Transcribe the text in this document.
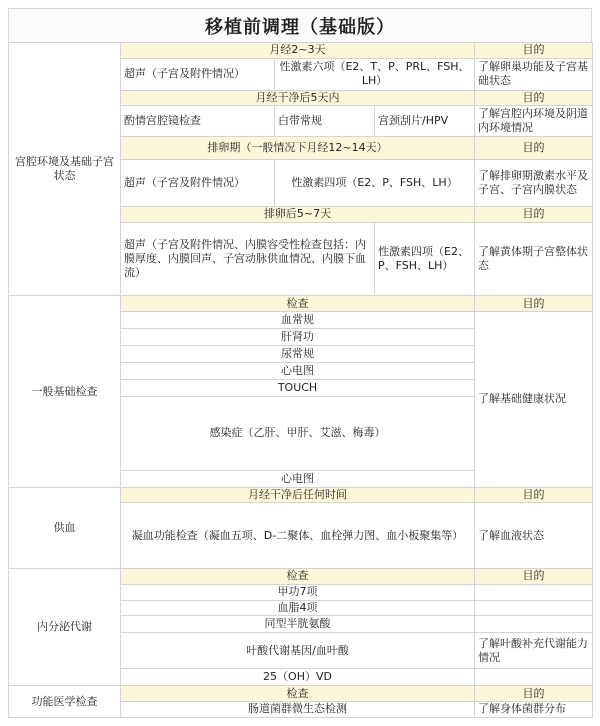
移植前调理（基础版）
宫腔环境及基础子宫状态	月经2~3天			目的
	超声（子宫及附件情况）	性激素六项（E2、T、P、PRL、FSH、LH）		了解卵巢功能及子宫基础状态
	月经干净后5天内			目的
	酌情宫腔镜检查	白带常规	宫颈刮片/HPV	了解宫腔内环境及阴道内环境情况
	排卵期（一般情况下月经12~14天）			目的
	超声（子宫及附件情况）	性激素四项（E2、P、FSH、LH）		了解排卵期激素水平及子宫、子宫内膜状态
	排卵后5~7天			目的
	超声（子宫及附件情况、内膜容受性检查包括：内膜厚度、内膜回声、子宫动脉供血情况、内膜下血流）		性激素四项（E2、P、FSH、LH）	了解黄体期子宫整体状态

一般基础检查	检查			目的
	血常规			了解基础健康状况
	肝肾功			
	尿常规			
	心电图			
	TOUCH			
	感染症（乙肝、甲肝、艾滋、梅毒）			
	心电图			
供血	月经干净后任何时间			目的
	凝血功能检查（凝血五项、D-二聚体、血栓弹力图、血小板聚集等）			了解血液状态
内分泌代谢	检查			目的
	甲功7项			
	血脂4项			
	同型半胱氨酸			
	叶酸代谢基因/血叶酸			了解叶酸补充代谢能力情况
	25（OH）VD			
功能医学检查	检查			目的
	肠道菌群微生态检测			了解身体菌群分布
